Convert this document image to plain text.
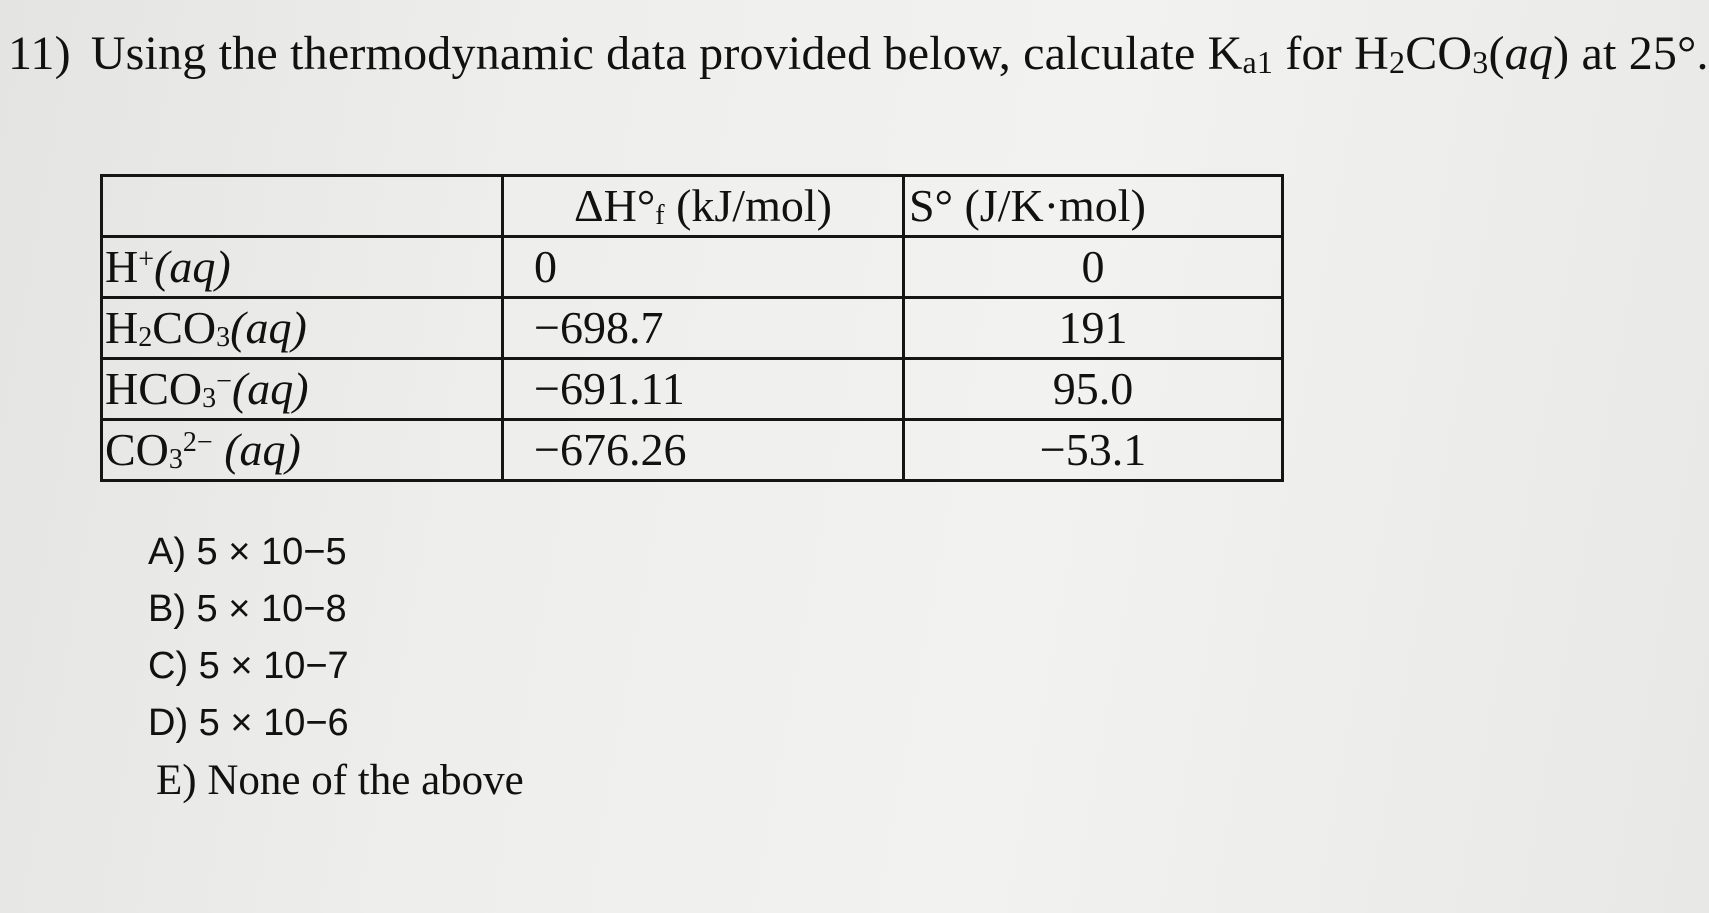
11) Using the thermodynamic data provided below, calculate $K_{a1}$ for $H_2CO_3(aq)$ at 25°.
	$\Delta H^\circ_f$ (kJ/mol)	S° (J/K·mol)
H+(aq)	0	0
$H_2CO_3(aq)$	−698.7	191
$HCO_3^-(aq)$	−691.11	95.0
$CO_3^{2-}$ (aq)	−676.26	−53.1
A) 5 × 10−5
B) 5 × 10−8
C) 5 × 10−7
D) 5 × 10−6
E) None of the above
